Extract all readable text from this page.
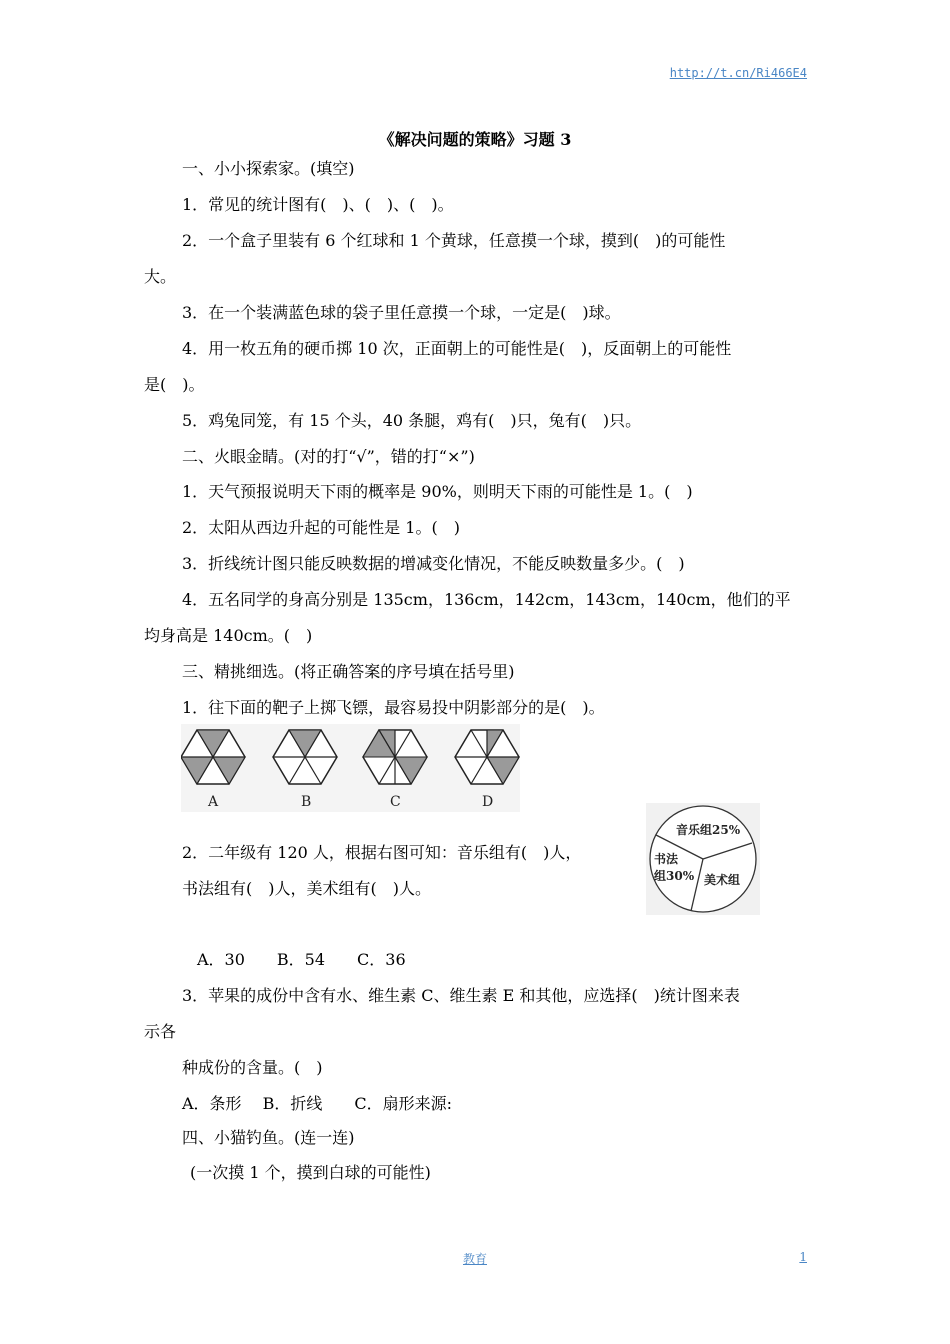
http://t.cn/Ri466E4
《解决问题的策略》习题 3
一、小小探索家。(填空)
1．常见的统计图有(　)、(　)、(　)。
2．一个盒子里装有 6 个红球和 1 个黄球，任意摸一个球，摸到(　)的可能性
大。
3．在一个装满蓝色球的袋子里任意摸一个球，一定是(　)球。
4．用一枚五角的硬币掷 10 次，正面朝上的可能性是(　)，反面朝上的可能性
是(　)。
5．鸡兔同笼，有 15 个头，40 条腿，鸡有(　)只，兔有(　)只。
二、火眼金睛。(对的打“√”，错的打“×”)
1．天气预报说明天下雨的概率是 90%，则明天下雨的可能性是 1。(　)
2．太阳从西边升起的可能性是 1。(　)
3．折线统计图只能反映数据的增减变化情况，不能反映数量多少。(　)
4．五名同学的身高分别是 135cm，136cm，142cm，143cm，140cm，他们的平
均身高是 140cm。(　)
三、精挑细选。(将正确答案的序号填在括号里)
1．往下面的靶子上掷飞镖，最容易投中阴影部分的是(　)。
A	B	C	D
音乐组25%
书法
组30% 美术组
2．二年级有 120 人，根据右图可知：音乐组有(　)人，
书法组有(　)人，美术组有(　)人。
A．30　　B．54　　C．36
3．苹果的成份中含有水、维生素 C、维生素 E 和其他，应选择(　)统计图来表
示各
种成份的含量。(　)
A．条形　 B．折线　　C．扇形来源:
四、小猫钓鱼。(连一连)
(一次摸 1 个，摸到白球的可能性)
教育	1
